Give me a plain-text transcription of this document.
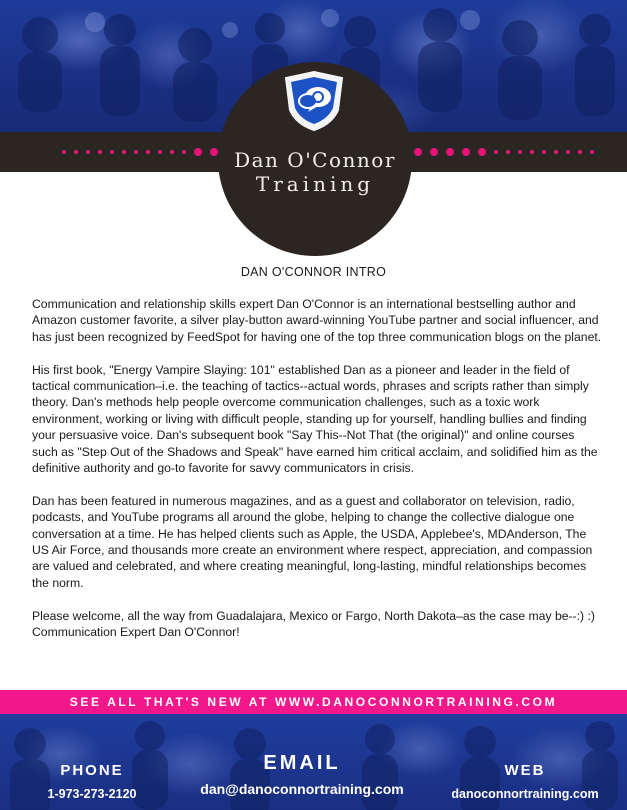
Dan O'Connor
Training
DAN O'CONNOR INTRO

Communication and relationship skills expert Dan O'Connor is an international bestselling author and Amazon customer favorite, a silver play-button award-winning YouTube partner and social influencer, and has just been recognized by FeedSpot for having one of the top three communication blogs on the planet.

His first book, "Energy Vampire Slaying: 101" established Dan as a pioneer and leader in the field of tactical communication–i.e. the teaching of tactics--actual words, phrases and scripts rather than simply theory. Dan's methods help people overcome communication challenges, such as a toxic work environment, working or living with difficult people, standing up for yourself, handling bullies and finding your persuasive voice. Dan's subsequent book "Say This--Not That (the original)" and online courses such as "Step Out of the Shadows and Speak" have earned him critical acclaim, and solidified him as the definitive authority and go-to favorite for savvy communicators in crisis.

Dan has been featured in numerous magazines, and as a guest and collaborator on television, radio, podcasts, and YouTube programs all around the globe, helping to change the collective dialogue one conversation at a time. He has helped clients such as Apple, the USDA, Applebee's, MDAnderson, The US Air Force, and thousands more create an environment where respect, appreciation, and compassion are valued and celebrated, and where creating meaningful, long-lasting, mindful relationships becomes the norm.

Please welcome, all the way from Guadalajara, Mexico or Fargo, North Dakota–as the case may be--:) :)

Communication Expert Dan O'Connor!

SEE ALL THAT'S NEW AT WWW.DANOCONNORTRAINING.COM
PHONE
1-973-273-2120
EMAIL
dan@danoconnortraining.com
WEB
danoconnortraining.com
